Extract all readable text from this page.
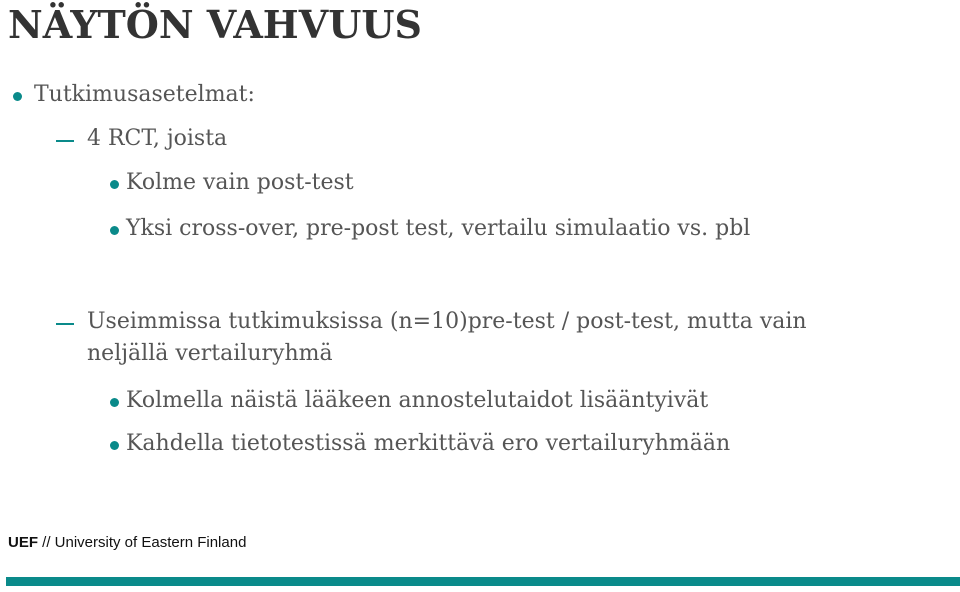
NÄYTÖN VAHVUUS
Tutkimusasetelmat:
4 RCT, joista
Kolme vain post-test
Yksi cross-over, pre-post test, vertailu simulaatio vs. pbl
Useimmissa tutkimuksissa (n=10)pre-test / post-test, mutta vain
neljällä vertailuryhmä
Kolmella näistä lääkeen annostelutaidot lisääntyivät
Kahdella tietotestissä merkittävä ero vertailuryhmään
UEF // University of Eastern Finland
